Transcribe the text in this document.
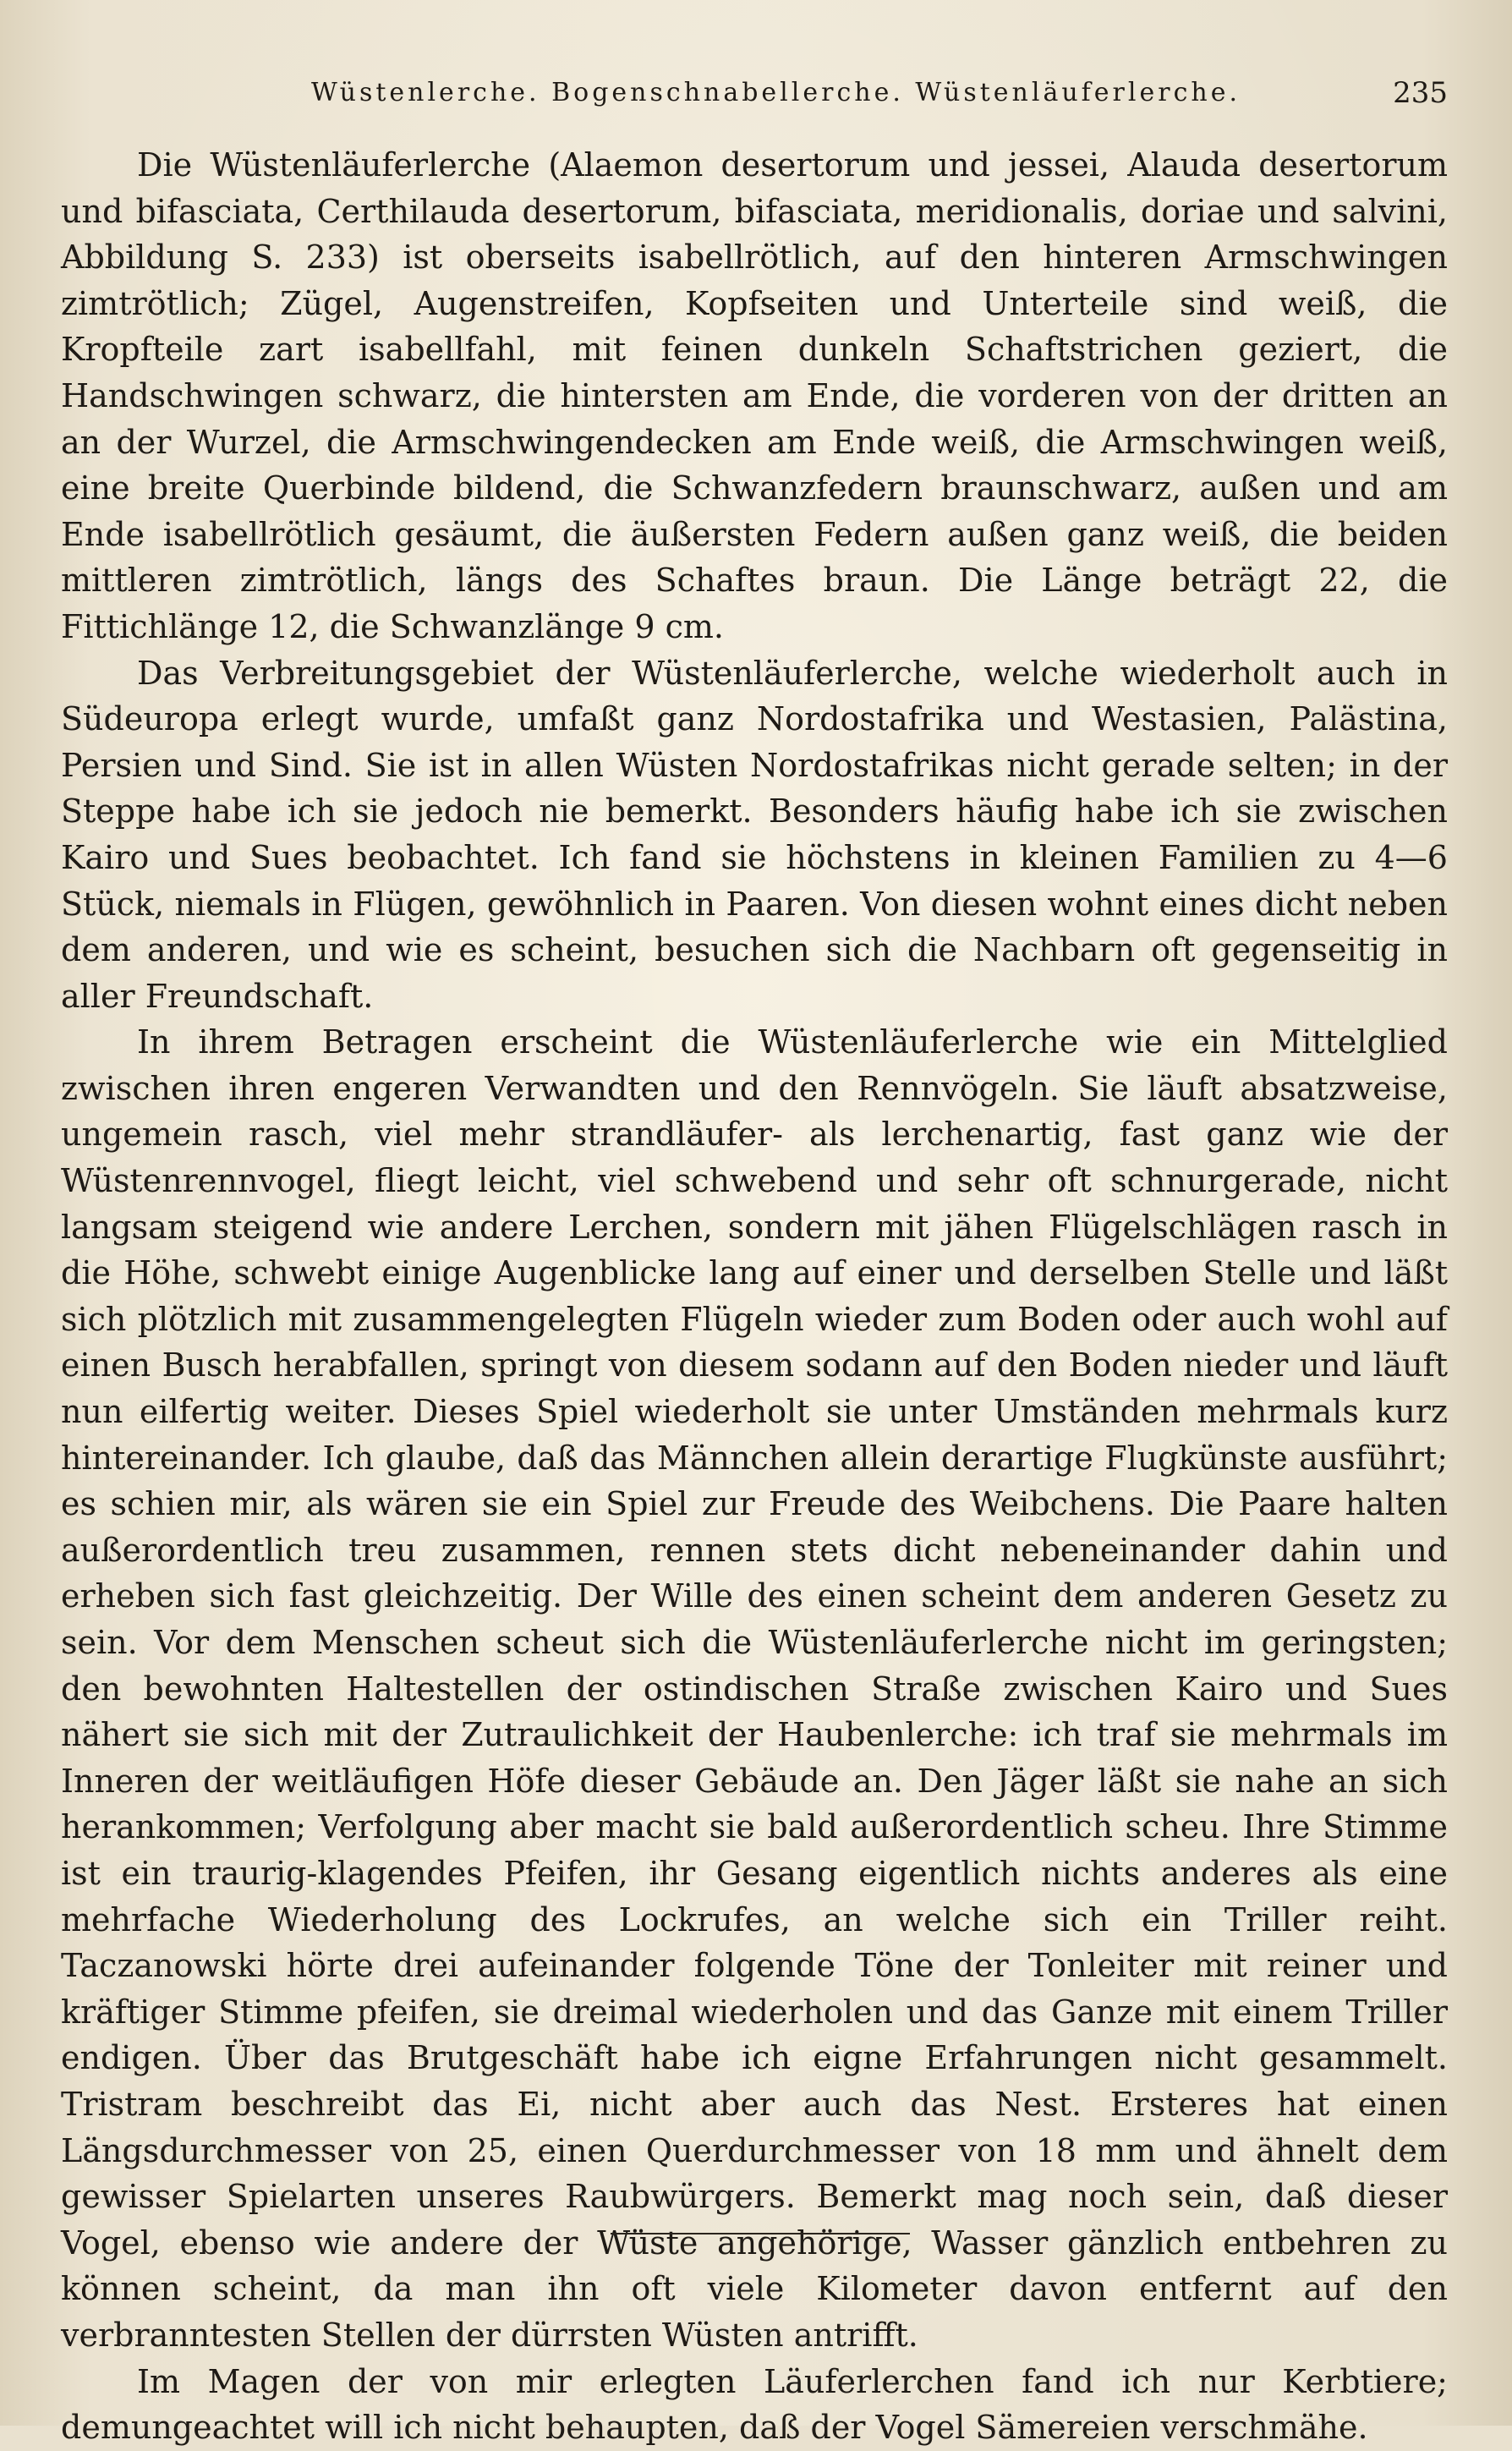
Wüstenlerche. Bogenschnabellerche. Wüstenläuferlerche.	235

Die Wüstenläuferlerche (Alaemon desertorum und jessei, Alauda desertorum und bifasciata, Certhilauda desertorum, bifasciata, meridionalis, doriae und salvini, Abbildung S. 233) ist oberseits isabellrötlich, auf den hinteren Armschwingen zimtrötlich; Zügel, Augenstreifen, Kopfseiten und Unterteile sind weiß, die Kropfteile zart isabellfahl, mit feinen dunkeln Schaftstrichen geziert, die Handschwingen schwarz, die hintersten am Ende, die vorderen von der dritten an an der Wurzel, die Armschwingendecken am Ende weiß, die Armschwingen weiß, eine breite Querbinde bildend, die Schwanzfedern braunschwarz, außen und am Ende isabellrötlich gesäumt, die äußersten Federn außen ganz weiß, die beiden mittleren zimtrötlich, längs des Schaftes braun. Die Länge beträgt 22, die Fittichlänge 12, die Schwanzlänge 9 cm.

Das Verbreitungsgebiet der Wüstenläuferlerche, welche wiederholt auch in Südeuropa erlegt wurde, umfaßt ganz Nordostafrika und Westasien, Palästina, Persien und Sind. Sie ist in allen Wüsten Nordostafrikas nicht gerade selten; in der Steppe habe ich sie jedoch nie bemerkt. Besonders häufig habe ich sie zwischen Kairo und Sues beobachtet. Ich fand sie höchstens in kleinen Familien zu 4—6 Stück, niemals in Flügen, gewöhnlich in Paaren. Von diesen wohnt eines dicht neben dem anderen, und wie es scheint, besuchen sich die Nachbarn oft gegenseitig in aller Freundschaft.

In ihrem Betragen erscheint die Wüstenläuferlerche wie ein Mittelglied zwischen ihren engeren Verwandten und den Rennvögeln. Sie läuft absatzweise, ungemein rasch, viel mehr strandläufer- als lerchenartig, fast ganz wie der Wüstenrennvogel, fliegt leicht, viel schwebend und sehr oft schnurgerade, nicht langsam steigend wie andere Lerchen, sondern mit jähen Flügelschlägen rasch in die Höhe, schwebt einige Augenblicke lang auf einer und derselben Stelle und läßt sich plötzlich mit zusammengelegten Flügeln wieder zum Boden oder auch wohl auf einen Busch herabfallen, springt von diesem sodann auf den Boden nieder und läuft nun eilfertig weiter. Dieses Spiel wiederholt sie unter Umständen mehrmals kurz hintereinander. Ich glaube, daß das Männchen allein derartige Flugkünste ausführt; es schien mir, als wären sie ein Spiel zur Freude des Weibchens. Die Paare halten außerordentlich treu zusammen, rennen stets dicht nebeneinander dahin und erheben sich fast gleichzeitig. Der Wille des einen scheint dem anderen Gesetz zu sein. Vor dem Menschen scheut sich die Wüstenläuferlerche nicht im geringsten; den bewohnten Haltestellen der ostindischen Straße zwischen Kairo und Sues nähert sie sich mit der Zutraulichkeit der Haubenlerche: ich traf sie mehrmals im Inneren der weitläufigen Höfe dieser Gebäude an. Den Jäger läßt sie nahe an sich herankommen; Verfolgung aber macht sie bald außerordentlich scheu. Ihre Stimme ist ein traurig-klagendes Pfeifen, ihr Gesang eigentlich nichts anderes als eine mehrfache Wiederholung des Lockrufes, an welche sich ein Triller reiht. Taczanowski hörte drei aufeinander folgende Töne der Tonleiter mit reiner und kräftiger Stimme pfeifen, sie dreimal wiederholen und das Ganze mit einem Triller endigen. Über das Brutgeschäft habe ich eigne Erfahrungen nicht gesammelt. Tristram beschreibt das Ei, nicht aber auch das Nest. Ersteres hat einen Längsdurchmesser von 25, einen Querdurchmesser von 18 mm und ähnelt dem gewisser Spielarten unseres Raubwürgers. Bemerkt mag noch sein, daß dieser Vogel, ebenso wie andere der Wüste angehörige, Wasser gänzlich entbehren zu können scheint, da man ihn oft viele Kilometer davon entfernt auf den verbranntesten Stellen der dürrsten Wüsten antrifft.

Im Magen der von mir erlegten Läuferlerchen fand ich nur Kerbtiere; demungeachtet will ich nicht behaupten, daß der Vogel Sämereien verschmähe.
